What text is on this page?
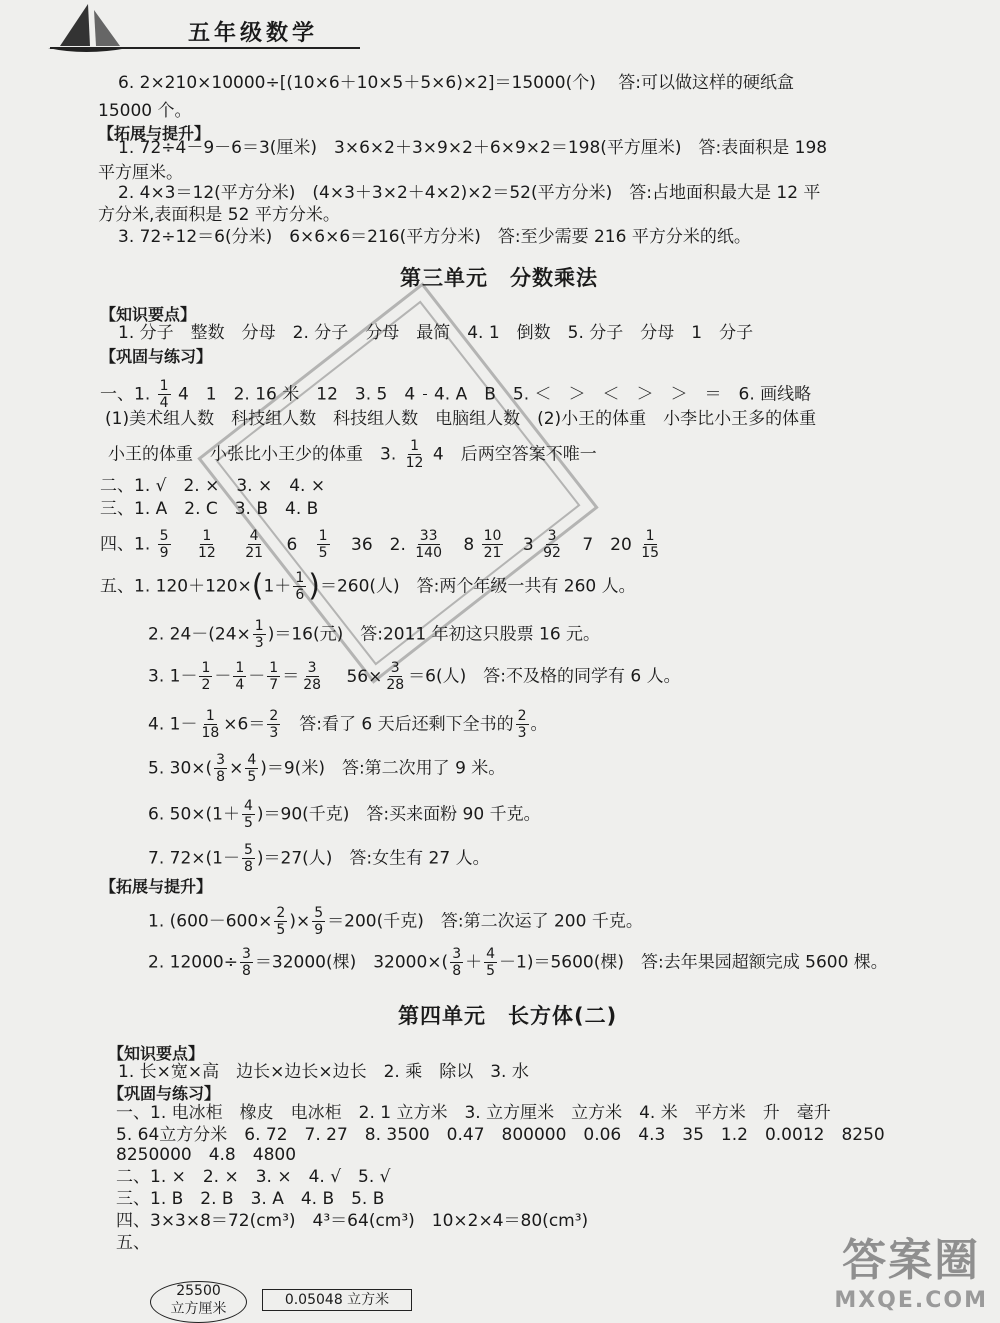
五年级数学
6. 2×210×10000÷[(10×6＋10×5＋5×6)×2]＝15000(个)　 答:可以做这样的硬纸盒
15000 个。
【拓展与提升】
1. 72÷4－9－6＝3(厘米)　3×6×2＋3×9×2＋6×9×2＝198(平方厘米)　答:表面积是 198
平方厘米。
2. 4×3＝12(平方分米)　(4×3＋3×2＋4×2)×2＝52(平方分米)　答:占地面积最大是 12 平
方分米,表面积是 52 平方分米。
3. 72÷12＝6(分米)　6×6×6＝216(平方分米)　答:至少需要 216 平方分米的纸。
第三单元　分数乘法
【知识要点】
1. 分子　整数　分母　2. 分子　分母　最简　4. 1　倒数　5. 分子　分母　1　分子
【巩固与练习】
一、1. $\frac{1}{4} 4$　1　2. 16 米　12　3. 5　4 4. A　B　5. ＜　＞　＜　＞　＞　＝　6. 画线略
(1)美术组人数　科技组人数　科技组人数　电脑组人数　(2)小王的体重　小李比小王多的体重
小王的体重　小张比小王少的体重　3. $\frac{1}{12} 4$　后两空答案不唯一
二、1. √　2. ×　3. ×　4. ×
三、1. A　2. C　3. B　4. B
四、1. $\frac{5}{9}$
$\frac{1}{12}$
$\frac{4}{21} 6 \frac{1}{5} 36$　2. $\frac{33}{140} 8 \frac{10}{21} 3 \frac{3}{92} 7$　$20 \frac{1}{15}$
五、1. $120+120\times(1+ \frac{1}{6} )=260$(人)　答:两个年级一共有 260 人。
2. $24-(24\times \frac{1}{3} )=16$(元)　答:2011 年初这只股票 16 元。
3. $1- \frac{1}{2} - \frac{1}{4} - \frac{1}{7} = \frac{3}{28} 56\times \frac{3}{28} =6$(人)　答:不及格的同学有 6 人。
4. $1- \frac{1}{18} \times 6= \frac{2}{3}$ 　答:看了 6 天后还剩下全书的 $\frac{2}{3}$ 。
5. $30\times( \frac{3}{8} \times \frac{4}{5} )=9$(米)　答:第二次用了 9 米。
6. $50\times(1+ \frac{4}{5} )=90$(千克)　答:买来面粉 90 千克。
7. $72\times(1- \frac{5}{8} )=27$(人)　答:女生有 27 人。
【拓展与提升】
1. ($600-600\times \frac{2}{5}$ )× $\frac{5}{9} =200$(千克)　答:第二次运了 200 千克。
2. $12000\div \frac{3}{8} =32000$(棵)　$32000\times( \frac{3}{8} + \frac{4}{5} -1)=5600$(棵)　答:去年果园超额完成 5600 棵。
第四单元　长方体(二)
【知识要点】
1. 长×宽×高　边长×边长×边长　2. 乘　除以　3. 水
【巩固与练习】
一、1. 电冰柜　橡皮　电冰柜　2. 1 立方米　3. 立方厘米　立方米　4. 米　平方米　升　毫升
5. 64立方分米　6. 72　7. 27　8. 3500　0.47　800000　0.06　4.3　35　1.2　0.0012　8250
8250000　4.8　4800
二、1. ×　2. ×　3. ×　4. √　5. √
三、1. B　2. B　3. A　4. B　5. B
四、3×3×8＝72(cm³)　4³＝64(cm³)　10×2×4＝80(cm³)
五、
25500
立方厘米
0.05048 立方米
答案圈
MXQE.COM
